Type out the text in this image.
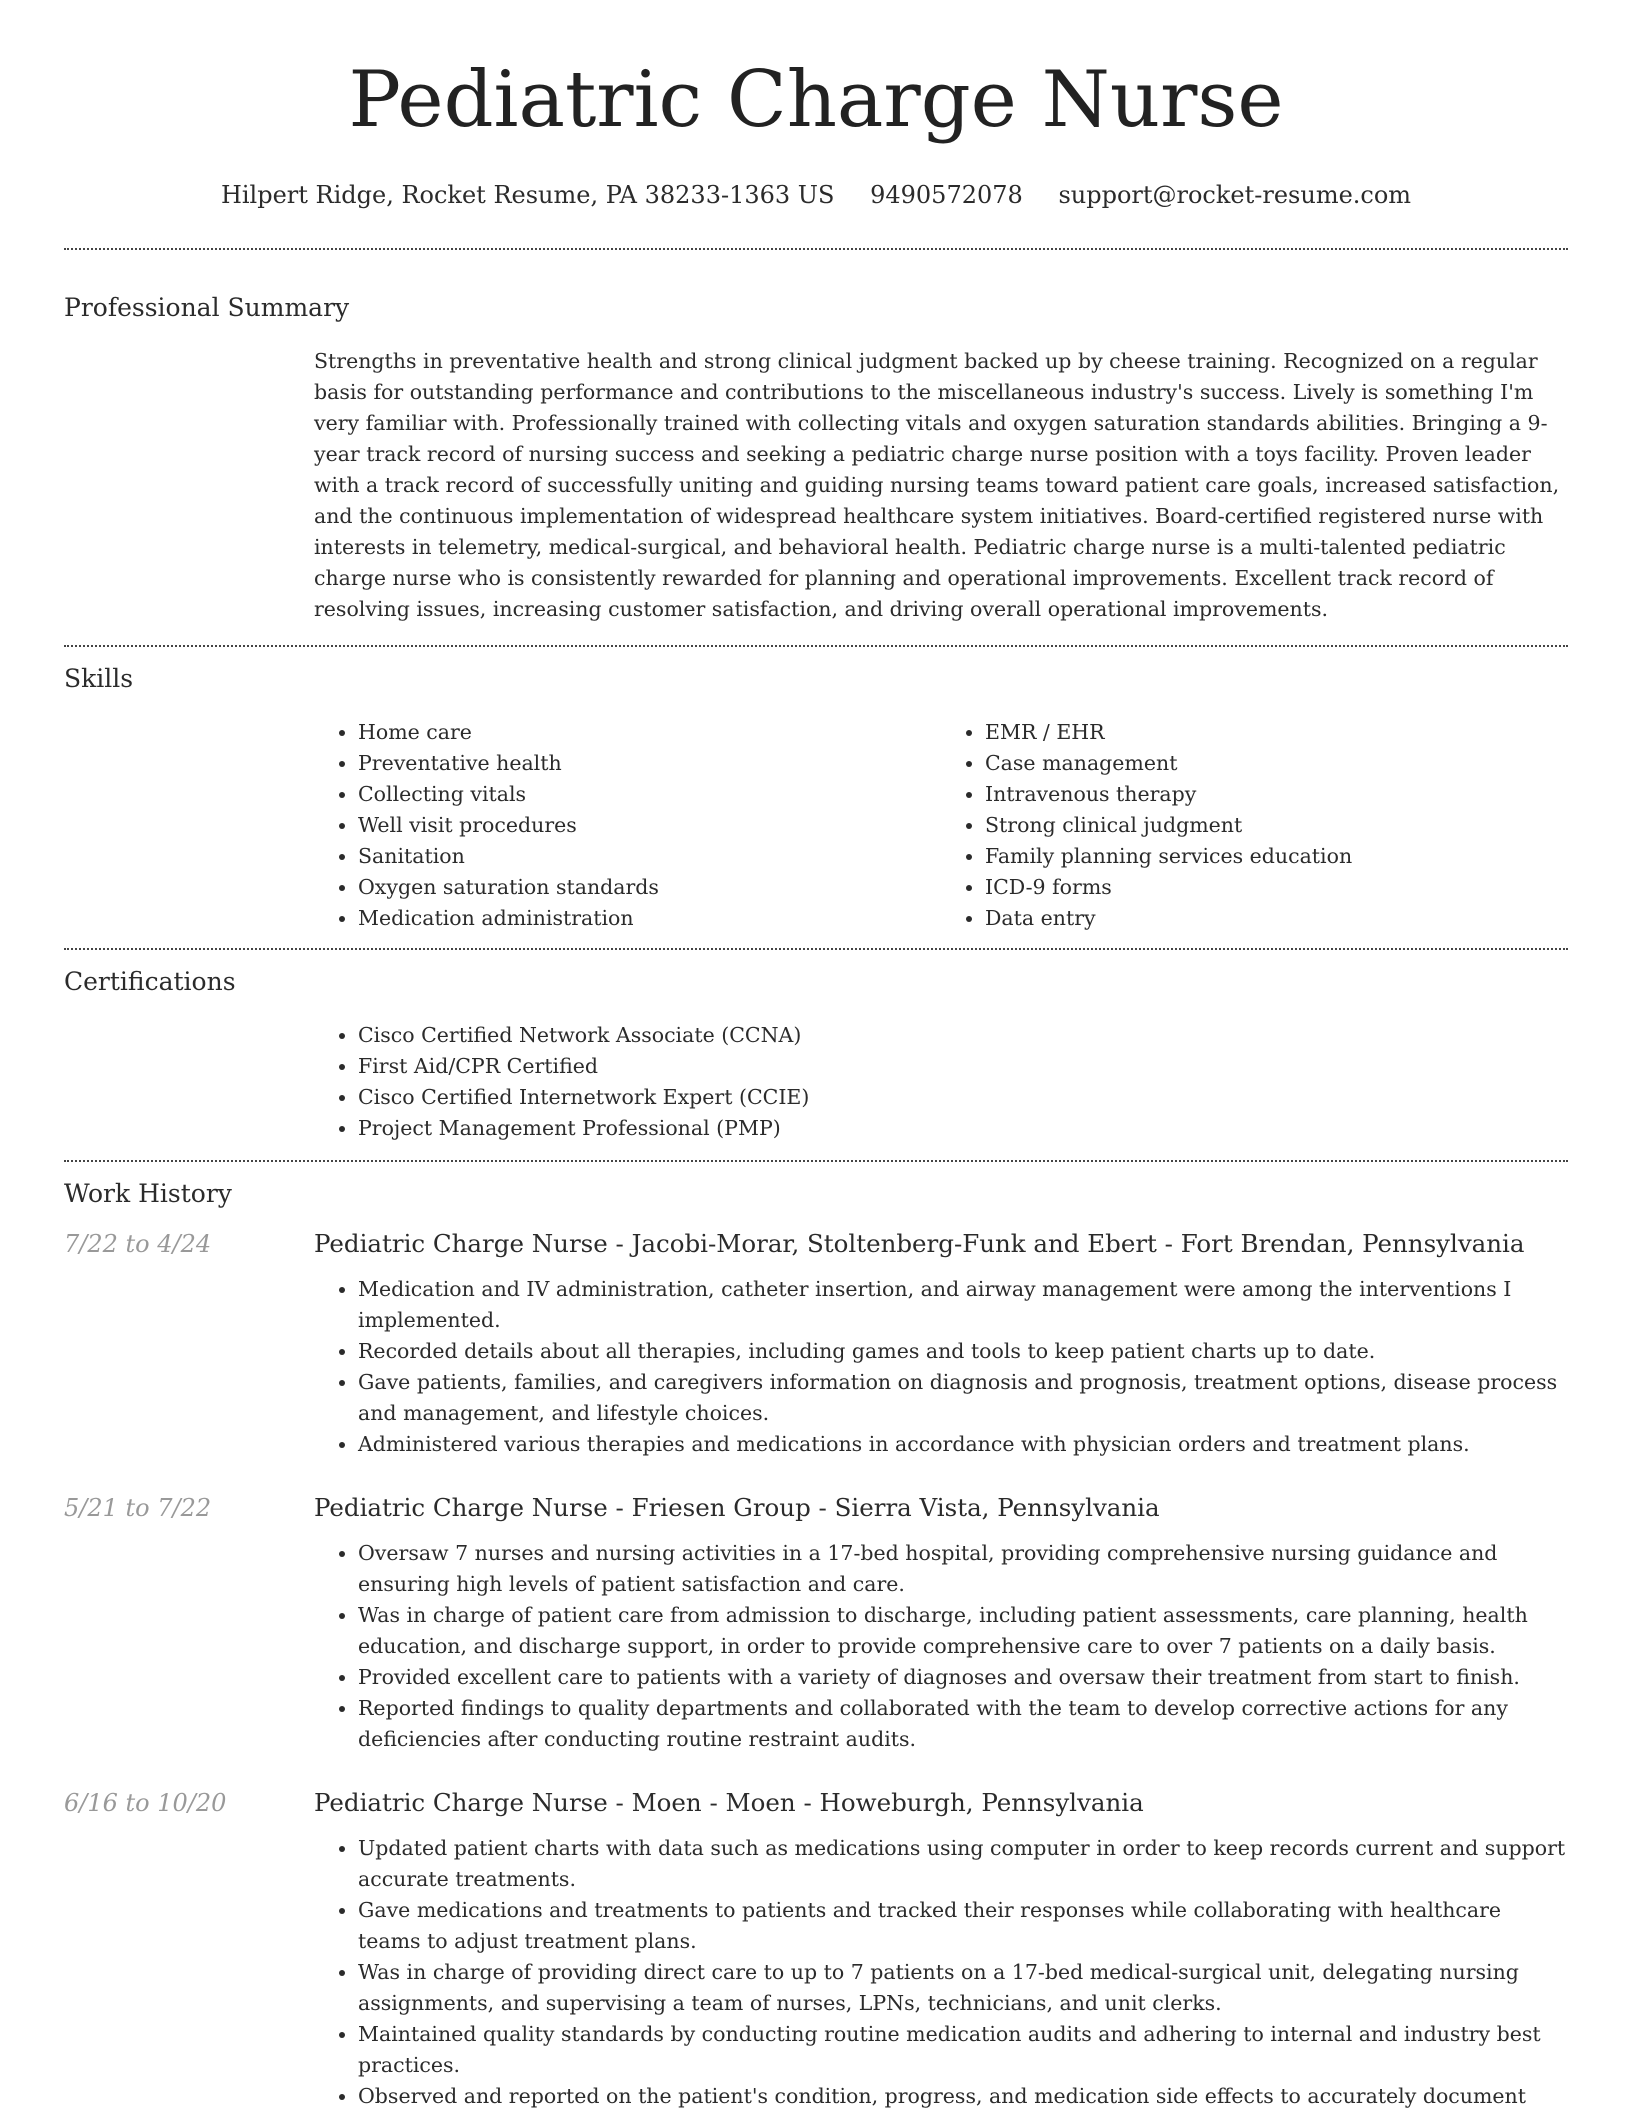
Pediatric Charge Nurse
Hilpert Ridge, Rocket Resume, PA 38233-1363 US 9490572078 support@rocket-resume.com
Professional Summary
Strengths in preventative health and strong clinical judgment backed up by cheese training. Recognized on a regular basis for outstanding performance and contributions to the miscellaneous industry's success. Lively is something I'm very familiar with. Professionally trained with collecting vitals and oxygen saturation standards abilities. Bringing a 9-year track record of nursing success and seeking a pediatric charge nurse position with a toys facility. Proven leader with a track record of successfully uniting and guiding nursing teams toward patient care goals, increased satisfaction, and the continuous implementation of widespread healthcare system initiatives. Board-certified registered nurse with interests in telemetry, medical-surgical, and behavioral health. Pediatric charge nurse is a multi-talented pediatric charge nurse who is consistently rewarded for planning and operational improvements. Excellent track record of resolving issues, increasing customer satisfaction, and driving overall operational improvements.
Skills
• Home care
• Preventative health
• Collecting vitals
• Well visit procedures
• Sanitation
• Oxygen saturation standards
• Medication administration
• EMR / EHR
• Case management
• Intravenous therapy
• Strong clinical judgment
• Family planning services education
• ICD-9 forms
• Data entry
Certifications
• Cisco Certified Network Associate (CCNA)
• First Aid/CPR Certified
• Cisco Certified Internetwork Expert (CCIE)
• Project Management Professional (PMP)
Work History
7/22 to 4/24	Pediatric Charge Nurse - Jacobi-Morar, Stoltenberg-Funk and Ebert - Fort Brendan, Pennsylvania
• Medication and IV administration, catheter insertion, and airway management were among the interventions I implemented.
• Recorded details about all therapies, including games and tools to keep patient charts up to date.
• Gave patients, families, and caregivers information on diagnosis and prognosis, treatment options, disease process and management, and lifestyle choices.
• Administered various therapies and medications in accordance with physician orders and treatment plans.
5/21 to 7/22	Pediatric Charge Nurse - Friesen Group - Sierra Vista, Pennsylvania
• Oversaw 7 nurses and nursing activities in a 17-bed hospital, providing comprehensive nursing guidance and ensuring high levels of patient satisfaction and care.
• Was in charge of patient care from admission to discharge, including patient assessments, care planning, health education, and discharge support, in order to provide comprehensive care to over 7 patients on a daily basis.
• Provided excellent care to patients with a variety of diagnoses and oversaw their treatment from start to finish.
• Reported findings to quality departments and collaborated with the team to develop corrective actions for any deficiencies after conducting routine restraint audits.
6/16 to 10/20	Pediatric Charge Nurse - Moen - Moen - Howeburgh, Pennsylvania
• Updated patient charts with data such as medications using computer in order to keep records current and support accurate treatments.
• Gave medications and treatments to patients and tracked their responses while collaborating with healthcare teams to adjust treatment plans.
• Was in charge of providing direct care to up to 7 patients on a 17-bed medical-surgical unit, delegating nursing assignments, and supervising a team of nurses, LPNs, technicians, and unit clerks.
• Maintained quality standards by conducting routine medication audits and adhering to internal and industry best practices.
• Observed and reported on the patient's condition, progress, and medication side effects to accurately document
